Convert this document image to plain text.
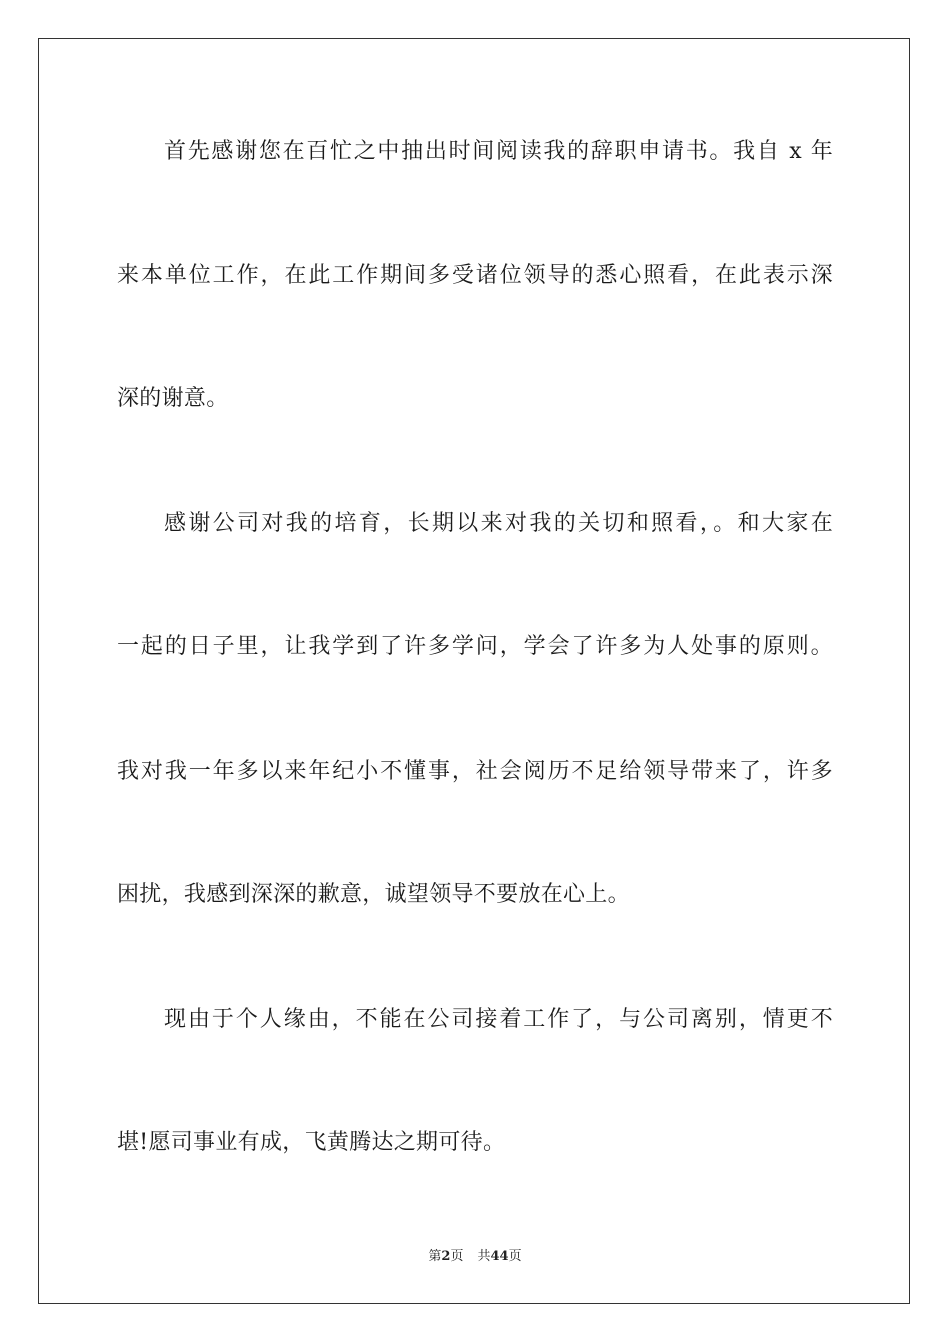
首先感谢您在百忙之中抽出时间阅读我的辞职申请书。我自 x 年
来本单位工作，在此工作期间多受诸位领导的悉心照看，在此表示深
深的谢意。
感谢公司对我的培育，长期以来对我的关切和照看，。和大家在
一起的日子里，让我学到了许多学问，学会了许多为人处事的原则。
我对我一年多以来年纪小不懂事，社会阅历不足给领导带来了，许多
困扰，我感到深深的歉意，诚望领导不要放在心上。
现由于个人缘由，不能在公司接着工作了，与公司离别，情更不
堪!愿司事业有成，飞黄腾达之期可待。
第2页 共44页
